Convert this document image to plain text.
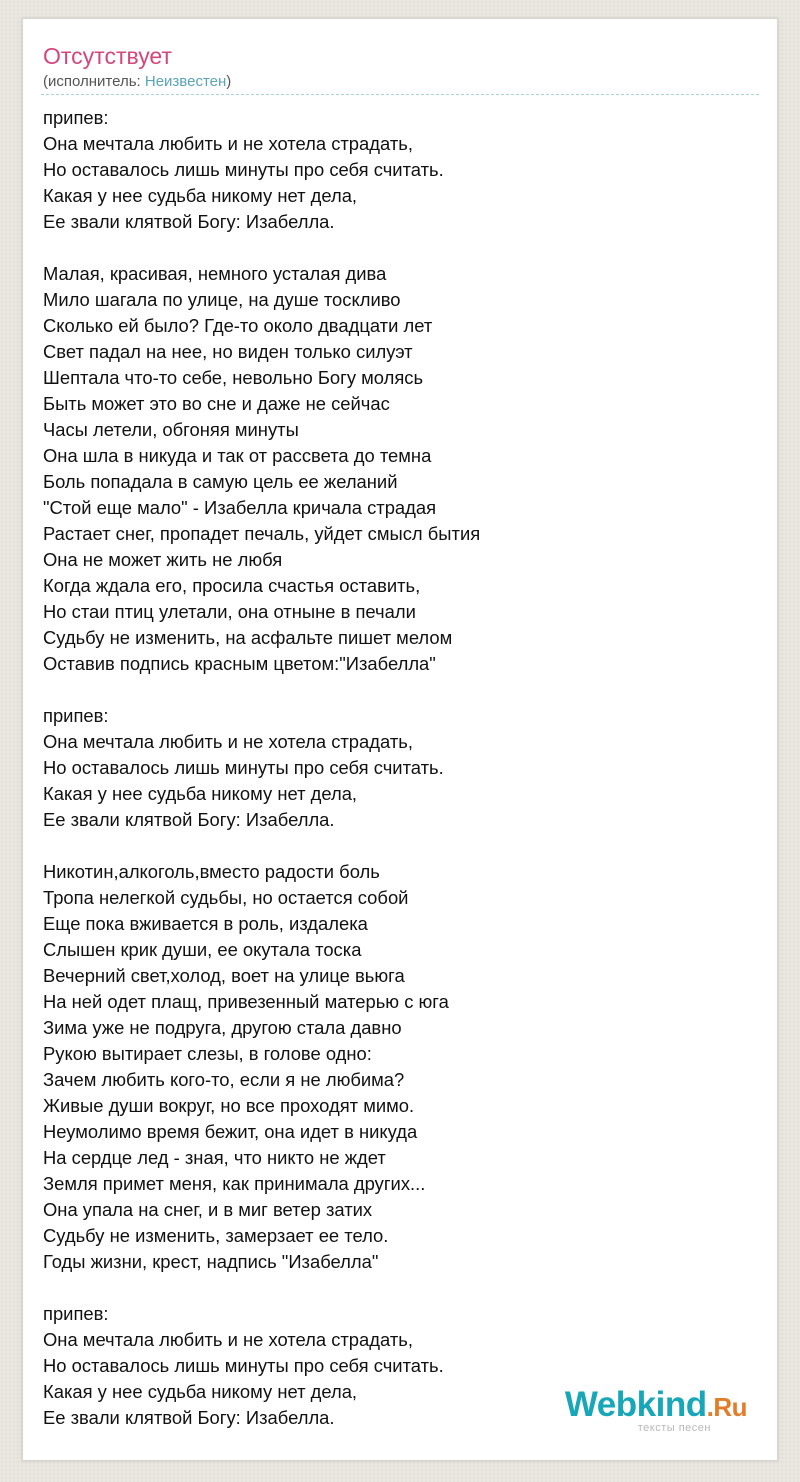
Отсутствует
(исполнитель: Неизвестен)
припев:
Она мечтала любить и не хотела страдать,
Но оставалось лишь минуты про себя считать.
Какая у нее судьба никому нет дела,
Ее звали клятвой Богу: Изабелла.
Малая, красивая, немного усталая дива
Мило шагала по улице, на душе тоскливо
Сколько ей было? Где-то около двадцати лет
Свет падал на нее, но виден только силуэт
Шептала что-то себе, невольно Богу молясь
Быть может это во сне и даже не сейчас
Часы летели, обгоняя минуты
Она шла в никуда и так от рассвета до темна
Боль попадала в самую цель ее желаний
"Стой еще мало" - Изабелла кричала страдая
Растает снег, пропадет печаль, уйдет смысл бытия
Она не может жить не любя
Когда ждала его, просила счастья оставить,
Но стаи птиц улетали, она отныне в печали
Судьбу не изменить, на асфальте пишет мелом
Оставив подпись красным цветом:"Изабелла"
припев:
Она мечтала любить и не хотела страдать,
Но оставалось лишь минуты про себя считать.
Какая у нее судьба никому нет дела,
Ее звали клятвой Богу: Изабелла.
Никотин,алкоголь,вместо радости боль
Тропа нелегкой судьбы, но остается собой
Еще пока вживается в роль, издалека
Слышен крик души, ее окутала тоска
Вечерний свет,холод, воет на улице вьюга
На ней одет плащ, привезенный матерью с юга
Зима уже не подруга, другою стала давно
Рукою вытирает слезы, в голове одно:
Зачем любить кого-то, если я не любима?
Живые души вокруг, но все проходят мимо.
Неумолимо время бежит, она идет в никуда
На сердце лед - зная, что никто не ждет
Земля примет меня, как принимала других...
Она упала на снег, и в миг ветер затих
Судьбу не изменить, замерзает ее тело.
Годы жизни, крест, надпись "Изабелла"
припев:
Она мечтала любить и не хотела страдать,
Но оставалось лишь минуты про себя считать.
Какая у нее судьба никому нет дела,
Ее звали клятвой Богу: Изабелла.	Webkind.Ru
тексты песен
